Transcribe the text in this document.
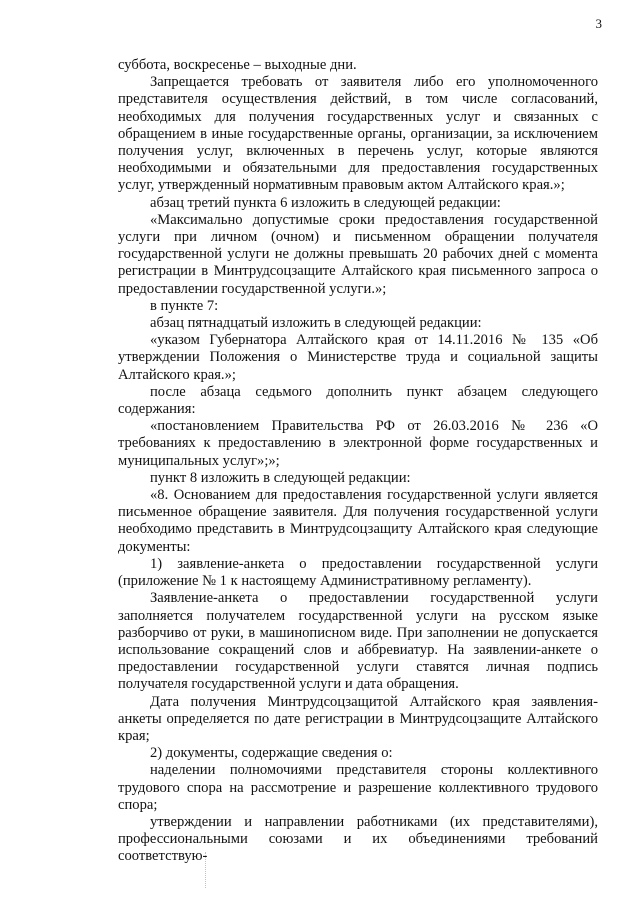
3

суббота, воскресенье – выходные дни.

Запрещается требовать от заявителя либо его уполномоченного представителя осуществления действий, в том числе согласований, необходимых для получения государственных услуг и связанных с обращением в иные государственные органы, организации, за исключением получения услуг, включенных в перечень услуг, которые являются необходимыми и обязательными для предоставления государственных услуг, утвержденный нормативным правовым актом Алтайского края.»;

абзац третий пункта 6 изложить в следующей редакции:

«Максимально допустимые сроки предоставления государственной услуги при личном (очном) и письменном обращении получателя государственной услуги не должны превышать 20 рабочих дней с момента регистрации в Минтрудсоцзащите Алтайского края письменного запроса о предоставлении государственной услуги.»;

в пункте 7:

абзац пятнадцатый изложить в следующей редакции:

«указом Губернатора Алтайского края от 14.11.2016 № 135 «Об утверждении Положения о Министерстве труда и социальной защиты Алтайского края.»;

после абзаца седьмого дополнить пункт абзацем следующего содержания:

«постановлением Правительства РФ от 26.03.2016 № 236 «О требованиях к предоставлению в электронной форме государственных и муниципальных услуг»;»;

пункт 8 изложить в следующей редакции:

«8. Основанием для предоставления государственной услуги является письменное обращение заявителя. Для получения государственной услуги необходимо представить в Минтрудсоцзащиту Алтайского края следующие документы:

1) заявление-анкета о предоставлении государственной услуги (приложение № 1 к настоящему Административному регламенту).

Заявление-анкета о предоставлении государственной услуги заполняется получателем государственной услуги на русском языке разборчиво от руки, в машинописном виде. При заполнении не допускается использование сокращений слов и аббревиатур. На заявлении-анкете о предоставлении государственной услуги ставятся личная подпись получателя государственной услуги и дата обращения.

Дата получения Минтрудсоцзащитой Алтайского края заявления-анкеты определяется по дате регистрации в Минтрудсоцзащите Алтайского края;

2) документы, содержащие сведения о:

наделении полномочиями представителя стороны коллективного трудового спора на рассмотрение и разрешение коллективного трудового спора;

утверждении и направлении работниками (их представителями), профессиональными союзами и их объединениями требований соответствую-
